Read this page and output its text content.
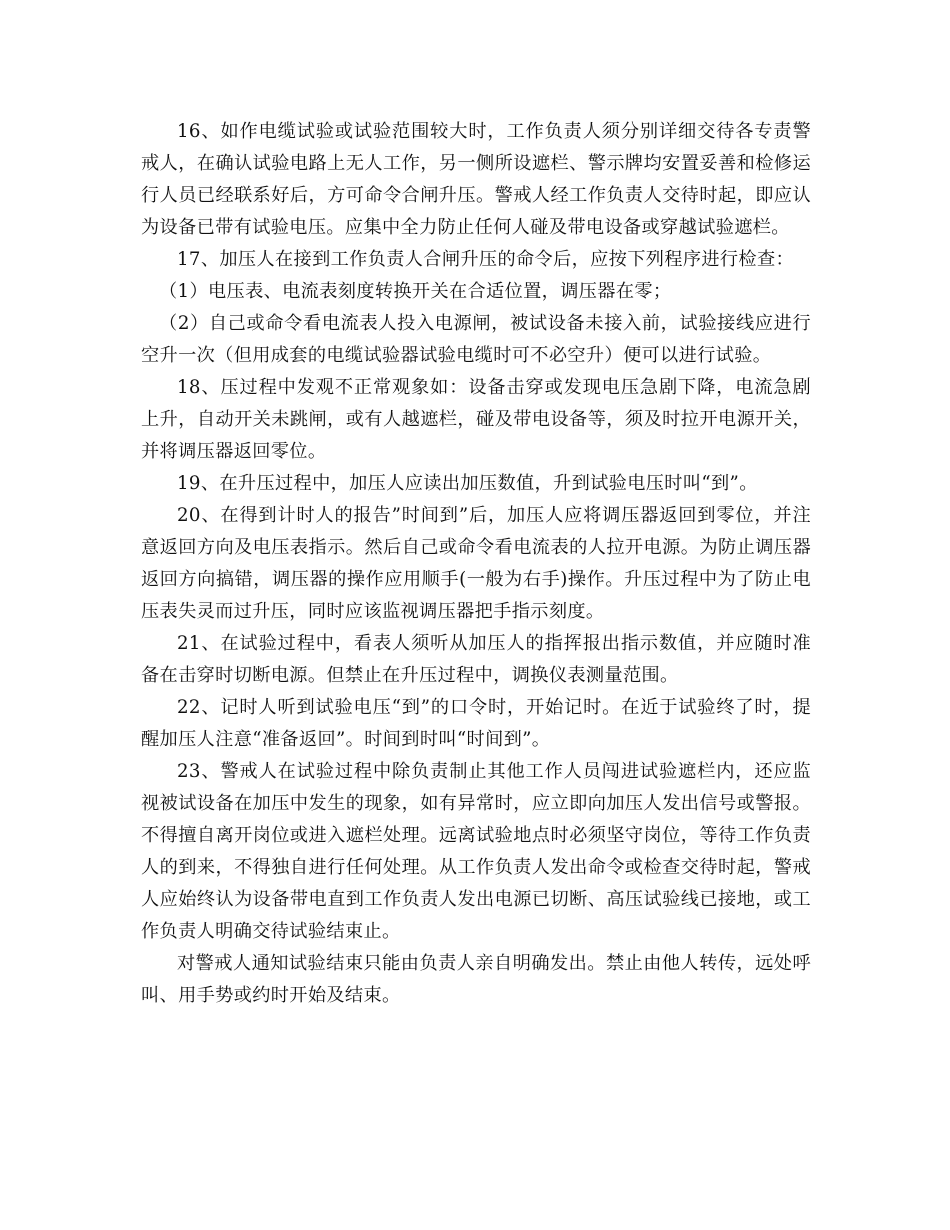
16、如作电缆试验或试验范围较大时，工作负责人须分别详细交待各专责警戒人，在确认试验电路上无人工作，另一侧所设遮栏、警示牌均安置妥善和检修运行人员已经联系好后，方可命令合闸升压。警戒人经工作负责人交待时起，即应认为设备已带有试验电压。应集中全力防止任何人碰及带电设备或穿越试验遮栏。

17、加压人在接到工作负责人合闸升压的命令后，应按下列程序进行检查：

（1）电压表、电流表刻度转换开关在合适位置，调压器在零；

（2）自己或命令看电流表人投入电源闸，被试设备未接入前，试验接线应进行空升一次（但用成套的电缆试验器试验电缆时可不必空升）便可以进行试验。

18、压过程中发观不正常观象如：设备击穿或发现电压急剧下降，电流急剧上升，自动开关未跳闸，或有人越遮栏，碰及带电设备等，须及时拉开电源开关，并将调压器返回零位。

19、在升压过程中，加压人应读出加压数值，升到试验电压时叫“到”。

20、在得到计时人的报告”时间到”后，加压人应将调压器返回到零位，并注意返回方向及电压表指示。然后自己或命令看电流表的人拉开电源。为防止调压器返回方向搞错，调压器的操作应用顺手(一般为右手)操作。升压过程中为了防止电压表失灵而过升压，同时应该监视调压器把手指示刻度。

21、在试验过程中，看表人须听从加压人的指挥报出指示数值，并应随时准备在击穿时切断电源。但禁止在升压过程中，调换仪表测量范围。

22、记时人听到试验电压“到”的口令时，开始记时。在近于试验终了时，提醒加压人注意“准备返回”。时间到时叫“时间到”。

23、警戒人在试验过程中除负责制止其他工作人员闯进试验遮栏内，还应监视被试设备在加压中发生的现象，如有异常时，应立即向加压人发出信号或警报。不得擅自离开岗位或进入遮栏处理。远离试验地点时必须坚守岗位，等待工作负责人的到来，不得独自进行任何处理。从工作负责人发出命令或检查交待时起，警戒人应始终认为设备带电直到工作负责人发出电源已切断、高压试验线已接地，或工作负责人明确交待试验结束止。

对警戒人通知试验结束只能由负责人亲自明确发出。禁止由他人转传，远处呼叫、用手势或约时开始及结束。
